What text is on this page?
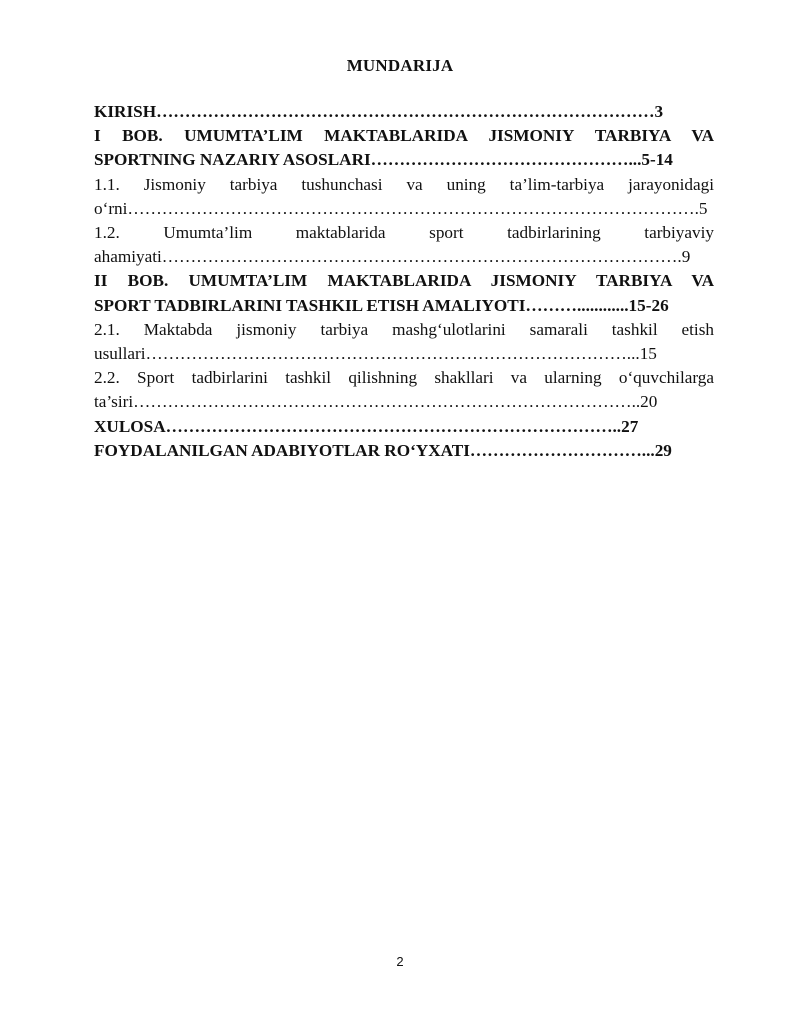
MUNDARIJA
KIRISH……………………………………………………………………………3
I BOB. UMUMTA’LIM MAKTABLARIDA JISMONIY TARBIYA VA
SPORTNING NAZARIY ASOSLARI………………………………………...5-14
1.1. Jismoniy tarbiya tushunchasi va uning ta’lim-tarbiya jarayonidagi
o‘rni……………………………………………………………………………………….5
1.2. Umumta’lim maktablarida sport tadbirlarining tarbiyaviy
ahamiyati……………………………………………………………………………….9
II BOB. UMUMTA’LIM MAKTABLARIDA JISMONIY TARBIYA VA
SPORT TADBIRLARINI TASHKIL ETISH AMALIYOTI………............15-26
2.1. Maktabda jismoniy tarbiya mashg‘ulotlarini samarali tashkil etish
usullari…………………………………………………………………………...15
2.2. Sport tadbirlarini tashkil qilishning shakllari va ularning o‘quvchilarga
ta’siri……………………………………………………………………………..20
XULOSA……………………………………………………………………..27
FOYDALANILGAN ADABIYOTLAR RO‘YXATI…………………………...29
2
